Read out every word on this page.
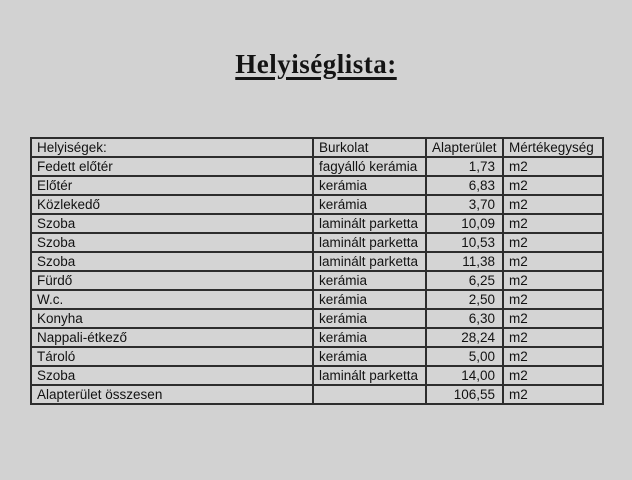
Helyiséglista:
Helyiségek:	Burkolat	Alapterület	Mértékegység
Fedett előtér	fagyálló kerámia	1,73	m2
Előtér	kerámia	6,83	m2
Közlekedő	kerámia	3,70	m2
Szoba	laminált parketta	10,09	m2
Szoba	laminált parketta	10,53	m2
Szoba	laminált parketta	11,38	m2
Fürdő	kerámia	6,25	m2
W.c.	kerámia	2,50	m2
Konyha	kerámia	6,30	m2
Nappali-étkező	kerámia	28,24	m2
Tároló	kerámia	5,00	m2
Szoba	laminált parketta	14,00	m2
Alapterület összesen		106,55	m2
